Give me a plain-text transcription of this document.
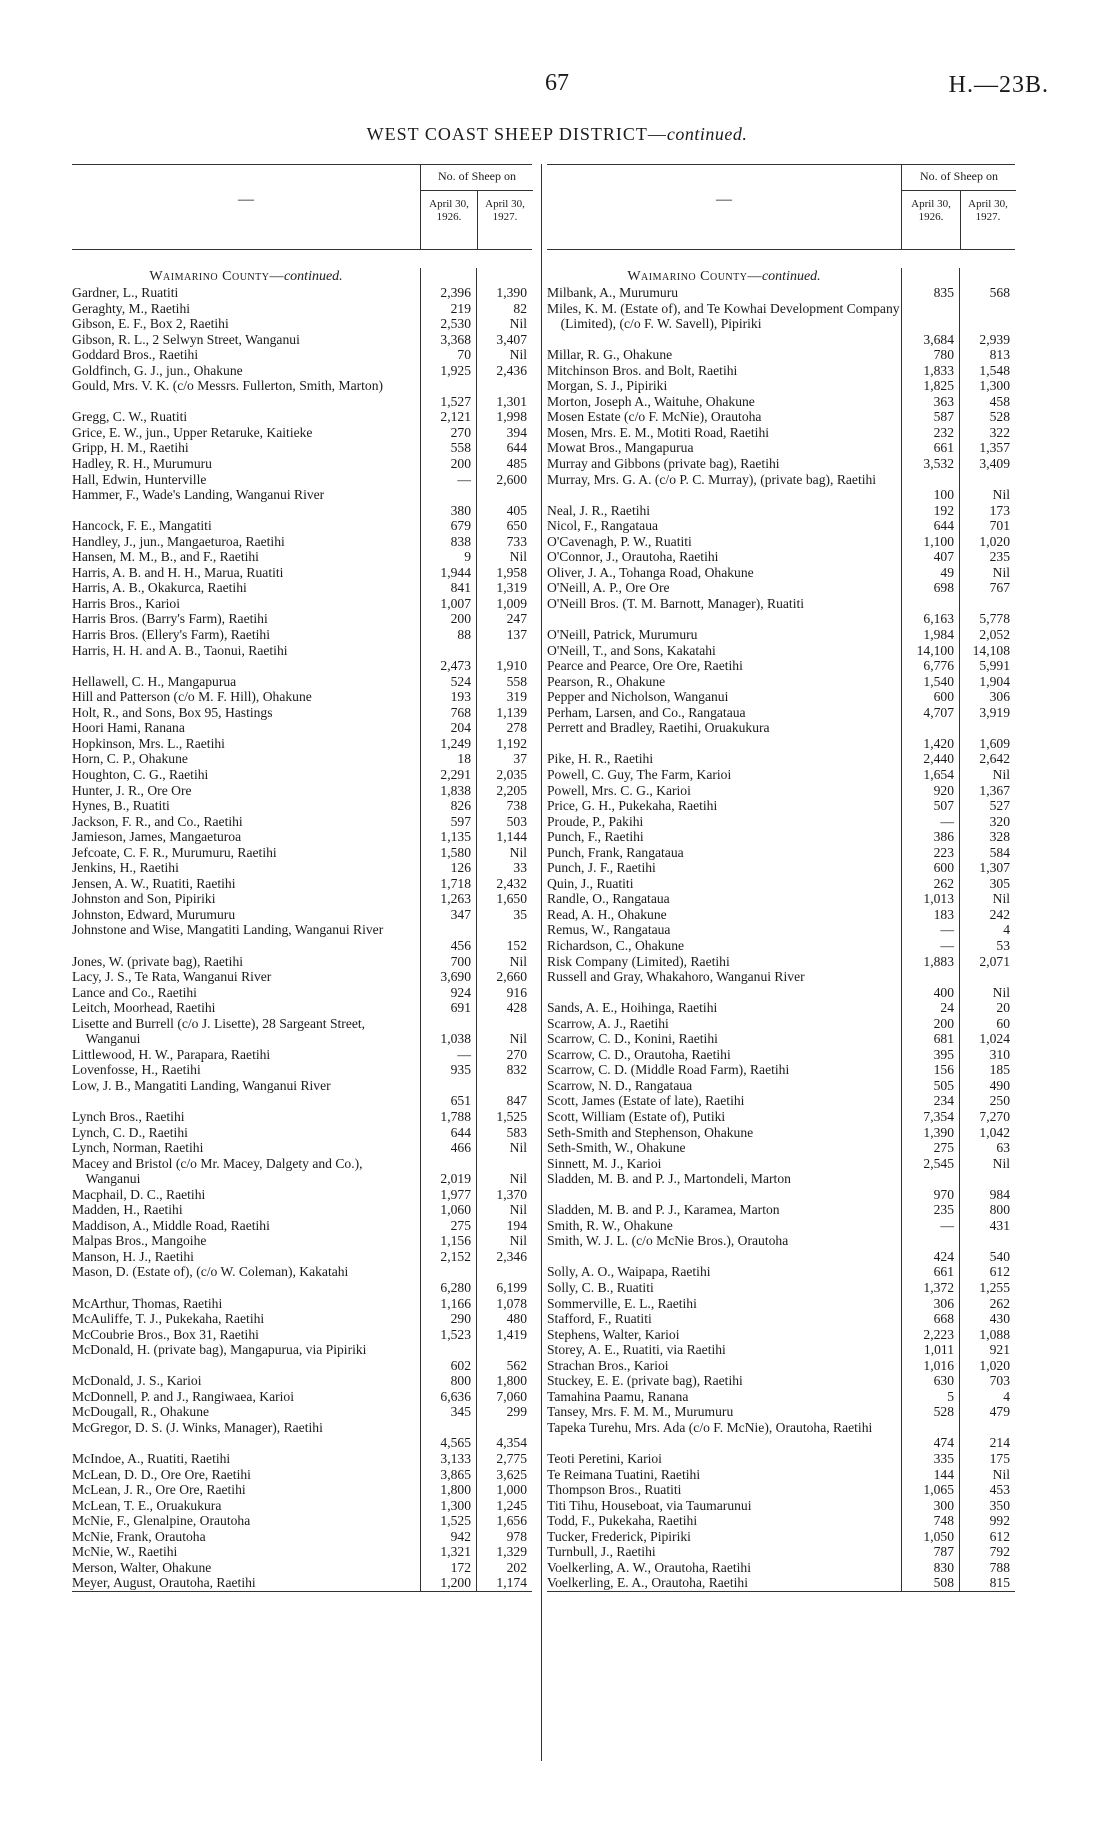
67	H.—23B.
WEST COAST SHEEP DISTRICT—continued.
—
No. of Sheep on
April 30, 1926.
April 30, 1927.
Waimarino County—continued.
Gardner, L., Ruatiti	2,396	1,390
Geraghty, M., Raetihi	219	82
Gibson, E. F., Box 2, Raetihi	2,530	Nil
Gibson, R. L., 2 Selwyn Street, Wanganui	3,368	3,407
Goddard Bros., Raetihi	70	Nil
Goldfinch, G. J., jun., Ohakune	1,925	2,436
Gould, Mrs. V. K. (c/o Messrs. Fullerton, Smith, Marton)
1,527	1,301
Gregg, C. W., Ruatiti	2,121	1,998
Grice, E. W., jun., Upper Retaruke, Kaitieke	270	394
Gripp, H. M., Raetihi	558	644
Hadley, R. H., Murumuru	200	485
Hall, Edwin, Hunterville	—	2,600
Hammer, F., Wade's Landing, Wanganui River
380	405
Hancock, F. E., Mangatiti	679	650
Handley, J., jun., Mangaeturoa, Raetihi	838	733
Hansen, M. M., B., and F., Raetihi	9	Nil
Harris, A. B. and H. H., Marua, Ruatiti	1,944	1,958
Harris, A. B., Okakurca, Raetihi	841	1,319
Harris Bros., Karioi	1,007	1,009
Harris Bros. (Barry's Farm), Raetihi	200	247
Harris Bros. (Ellery's Farm), Raetihi	88	137
Harris, H. H. and A. B., Taonui, Raetihi
2,473	1,910
Hellawell, C. H., Mangapurua	524	558
Hill and Patterson (c/o M. F. Hill), Ohakune	193	319
Holt, R., and Sons, Box 95, Hastings	768	1,139
Hoori Hami, Ranana	204	278
Hopkinson, Mrs. L., Raetihi	1,249	1,192
Horn, C. P., Ohakune	18	37
Houghton, C. G., Raetihi	2,291	2,035
Hunter, J. R., Ore Ore	1,838	2,205
Hynes, B., Ruatiti	826	738
Jackson, F. R., and Co., Raetihi	597	503
Jamieson, James, Mangaeturoa	1,135	1,144
Jefcoate, C. F. R., Murumuru, Raetihi	1,580	Nil
Jenkins, H., Raetihi	126	33
Jensen, A. W., Ruatiti, Raetihi	1,718	2,432
Johnston and Son, Pipiriki	1,263	1,650
Johnston, Edward, Murumuru	347	35
Johnstone and Wise, Mangatiti Landing, Wanganui River
456	152
Jones, W. (private bag), Raetihi	700	Nil
Lacy, J. S., Te Rata, Wanganui River	3,690	2,660
Lance and Co., Raetihi	924	916
Leitch, Moorhead, Raetihi	691	428
Lisette and Burrell (c/o J. Lisette), 28 Sargeant Street, Wanganui	1,038	Nil
Littlewood, H. W., Parapara, Raetihi	—	270
Lovenfosse, H., Raetihi	935	832
Low, J. B., Mangatiti Landing, Wanganui River
651	847
Lynch Bros., Raetihi	1,788	1,525
Lynch, C. D., Raetihi	644	583
Lynch, Norman, Raetihi	466	Nil
Macey and Bristol (c/o Mr. Macey, Dalgety and Co.), Wanganui	2,019	Nil
Macphail, D. C., Raetihi	1,977	1,370
Madden, H., Raetihi	1,060	Nil
Maddison, A., Middle Road, Raetihi	275	194
Malpas Bros., Mangoihe	1,156	Nil
Manson, H. J., Raetihi	2,152	2,346
Mason, D. (Estate of), (c/o W. Coleman), Kakatahi
6,280	6,199
McArthur, Thomas, Raetihi	1,166	1,078
McAuliffe, T. J., Pukekaha, Raetihi	290	480
McCoubrie Bros., Box 31, Raetihi	1,523	1,419
McDonald, H. (private bag), Mangapurua, via Pipiriki
602	562
McDonald, J. S., Karioi	800	1,800
McDonnell, P. and J., Rangiwaea, Karioi	6,636	7,060
McDougall, R., Ohakune	345	299
McGregor, D. S. (J. Winks, Manager), Raetihi
4,565	4,354
McIndoe, A., Ruatiti, Raetihi	3,133	2,775
McLean, D. D., Ore Ore, Raetihi	3,865	3,625
McLean, J. R., Ore Ore, Raetihi	1,800	1,000
McLean, T. E., Oruakukura	1,300	1,245
McNie, F., Glenalpine, Orautoha	1,525	1,656
McNie, Frank, Orautoha	942	978
McNie, W., Raetihi	1,321	1,329
Merson, Walter, Ohakune	172	202
Meyer, August, Orautoha, Raetihi	1,200	1,174
—
No. of Sheep on
April 30, 1926.
April 30, 1927.
Waimarino County—continued.
Milbank, A., Murumuru	835	568
Miles, K. M. (Estate of), and Te Kowhai Development Company (Limited), (c/o F. W. Savell), Pipiriki
3,684	2,939
Millar, R. G., Ohakune	780	813
Mitchinson Bros. and Bolt, Raetihi	1,833	1,548
Morgan, S. J., Pipiriki	1,825	1,300
Morton, Joseph A., Waituhe, Ohakune	363	458
Mosen Estate (c/o F. McNie), Orautoha	587	528
Mosen, Mrs. E. M., Motiti Road, Raetihi	232	322
Mowat Bros., Mangapurua	661	1,357
Murray and Gibbons (private bag), Raetihi	3,532	3,409
Murray, Mrs. G. A. (c/o P. C. Murray), (private bag), Raetihi
100	Nil
Neal, J. R., Raetihi	192	173
Nicol, F., Rangataua	644	701
O'Cavenagh, P. W., Ruatiti	1,100	1,020
O'Connor, J., Orautoha, Raetihi	407	235
Oliver, J. A., Tohanga Road, Ohakune	49	Nil
O'Neill, A. P., Ore Ore	698	767
O'Neill Bros. (T. M. Barnott, Manager), Ruatiti
6,163	5,778
O'Neill, Patrick, Murumuru	1,984	2,052
O'Neill, T., and Sons, Kakatahi	14,100	14,108
Pearce and Pearce, Ore Ore, Raetihi	6,776	5,991
Pearson, R., Ohakune	1,540	1,904
Pepper and Nicholson, Wanganui	600	306
Perham, Larsen, and Co., Rangataua	4,707	3,919
Perrett and Bradley, Raetihi, Oruakukura
1,420	1,609
Pike, H. R., Raetihi	2,440	2,642
Powell, C. Guy, The Farm, Karioi	1,654	Nil
Powell, Mrs. C. G., Karioi	920	1,367
Price, G. H., Pukekaha, Raetihi	507	527
Proude, P., Pakihi	—	320
Punch, F., Raetihi	386	328
Punch, Frank, Rangataua	223	584
Punch, J. F., Raetihi	600	1,307
Quin, J., Ruatiti	262	305
Randle, O., Rangataua	1,013	Nil
Read, A. H., Ohakune	183	242
Remus, W., Rangataua	—	4
Richardson, C., Ohakune	—	53
Risk Company (Limited), Raetihi	1,883	2,071
Russell and Gray, Whakahoro, Wanganui River
400	Nil
Sands, A. E., Hoihinga, Raetihi	24	20
Scarrow, A. J., Raetihi	200	60
Scarrow, C. D., Konini, Raetihi	681	1,024
Scarrow, C. D., Orautoha, Raetihi	395	310
Scarrow, C. D. (Middle Road Farm), Raetihi	156	185
Scarrow, N. D., Rangataua	505	490
Scott, James (Estate of late), Raetihi	234	250
Scott, William (Estate of), Putiki	7,354	7,270
Seth-Smith and Stephenson, Ohakune	1,390	1,042
Seth-Smith, W., Ohakune	275	63
Sinnett, M. J., Karioi	2,545	Nil
Sladden, M. B. and P. J., Martondeli, Marton
970	984
Sladden, M. B. and P. J., Karamea, Marton	235	800
Smith, R. W., Ohakune	—	431
Smith, W. J. L. (c/o McNie Bros.), Orautoha
424	540
Solly, A. O., Waipapa, Raetihi	661	612
Solly, C. B., Ruatiti	1,372	1,255
Sommerville, E. L., Raetihi	306	262
Stafford, F., Ruatiti	668	430
Stephens, Walter, Karioi	2,223	1,088
Storey, A. E., Ruatiti, via Raetihi	1,011	921
Strachan Bros., Karioi	1,016	1,020
Stuckey, E. E. (private bag), Raetihi	630	703
Tamahina Paamu, Ranana	5	4
Tansey, Mrs. F. M. M., Murumuru	528	479
Tapeka Turehu, Mrs. Ada (c/o F. McNie), Orautoha, Raetihi
474	214
Teoti Peretini, Karioi	335	175
Te Reimana Tuatini, Raetihi	144	Nil
Thompson Bros., Ruatiti	1,065	453
Titi Tihu, Houseboat, via Taumarunui	300	350
Todd, F., Pukekaha, Raetihi	748	992
Tucker, Frederick, Pipiriki	1,050	612
Turnbull, J., Raetihi	787	792
Voelkerling, A. W., Orautoha, Raetihi	830	788
Voelkerling, E. A., Orautoha, Raetihi	508	815
